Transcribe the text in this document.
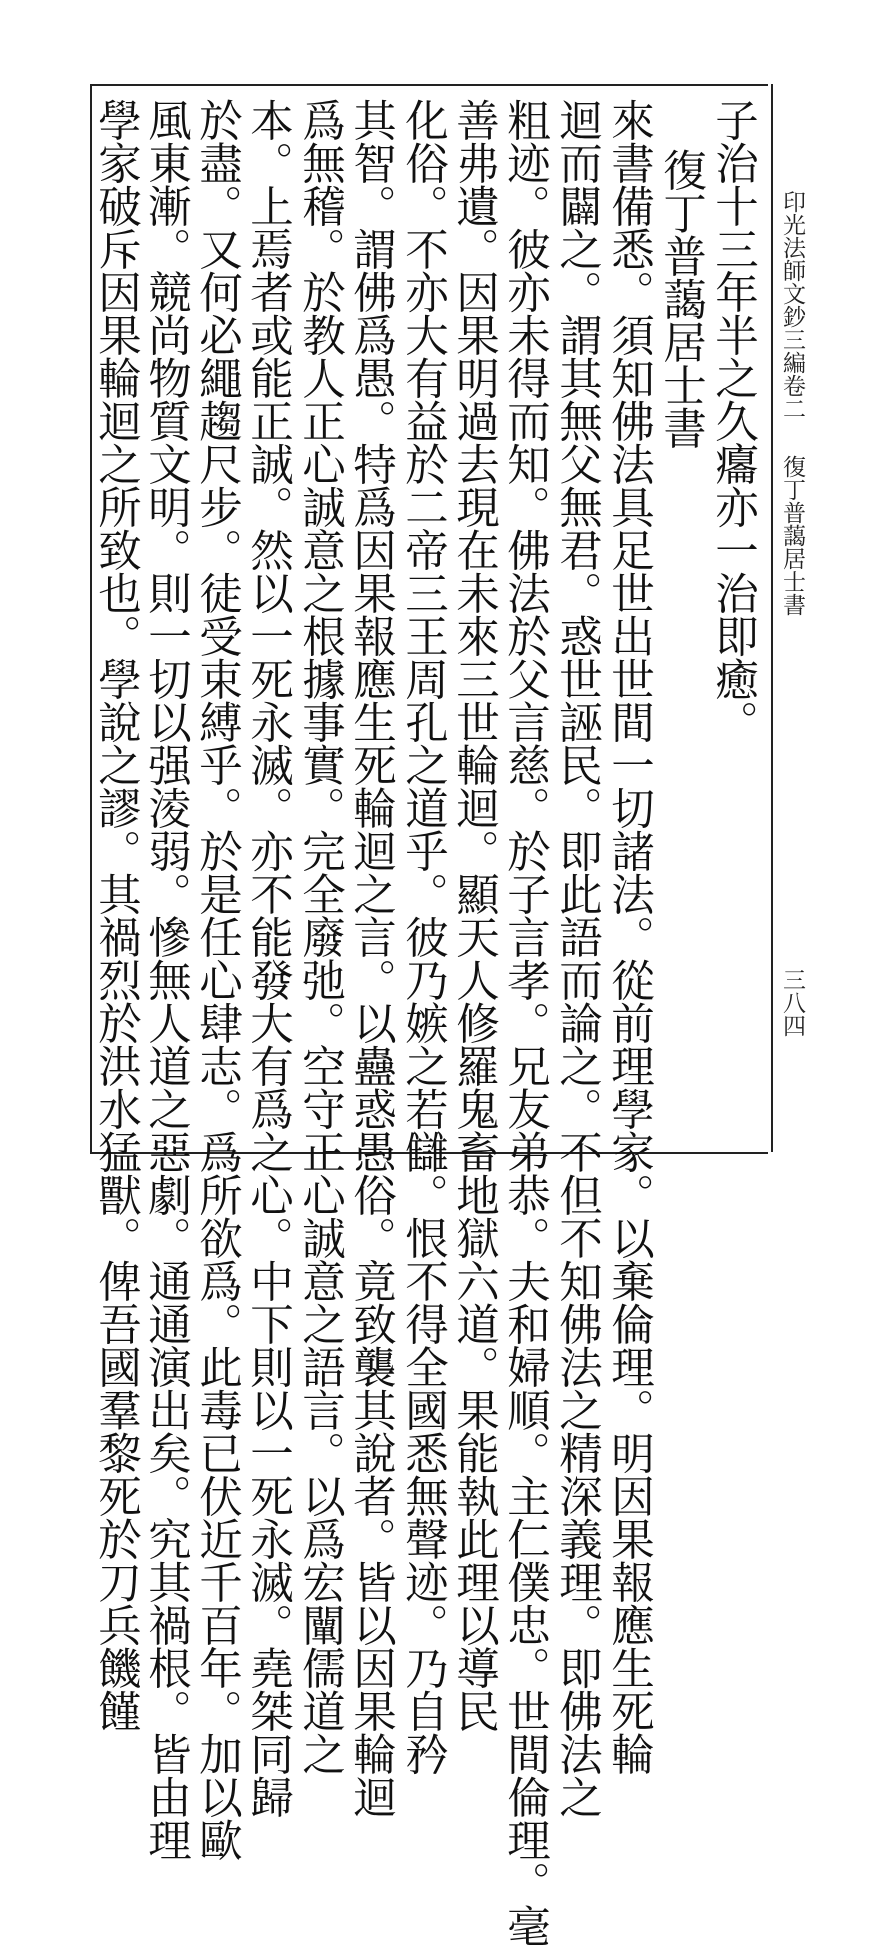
印光法師文鈔三編卷二
復丁普藹居士書
三八四
子治十三年半之久癟亦一治即癒。
復丁普藹居士書
來書備悉。須知佛法具足世出世間一切諸法。從前理學家。以棄倫理。明因果報應生死輪
迴而闢之。謂其無父無君。惑世誣民。即此語而論之。不但不知佛法之精深義理。即佛法之
粗迹。彼亦未得而知。佛法於父言慈。於子言孝。兄友弟恭。夫和婦順。主仁僕忠。世間倫理。毫
善弗遺。因果明過去現在未來三世輪迴。顯天人修羅鬼畜地獄六道。果能執此理以導民
化俗。不亦大有益於二帝三王周孔之道乎。彼乃嫉之若讎。恨不得全國悉無聲迹。乃自矜
其智。謂佛爲愚。特爲因果報應生死輪迴之言。以蠱惑愚俗。竟致襲其說者。皆以因果輪迴
爲無稽。於教人正心誠意之根據事實。完全廢弛。空守正心誠意之語言。以爲宏闡儒道之
本。上焉者或能正誠。然以一死永滅。亦不能發大有爲之心。中下則以一死永滅。堯桀同歸
於盡。又何必繩趨尺步。徒受束縛乎。於是任心肆志。爲所欲爲。此毒已伏近千百年。加以歐
風東漸。競尚物質文明。則一切以强淩弱。慘無人道之惡劇。通通演出矣。究其禍根。皆由理
學家破斥因果輪迴之所致也。學說之謬。其禍烈於洪水猛獸。俾吾國羣黎死於刀兵饑饉
